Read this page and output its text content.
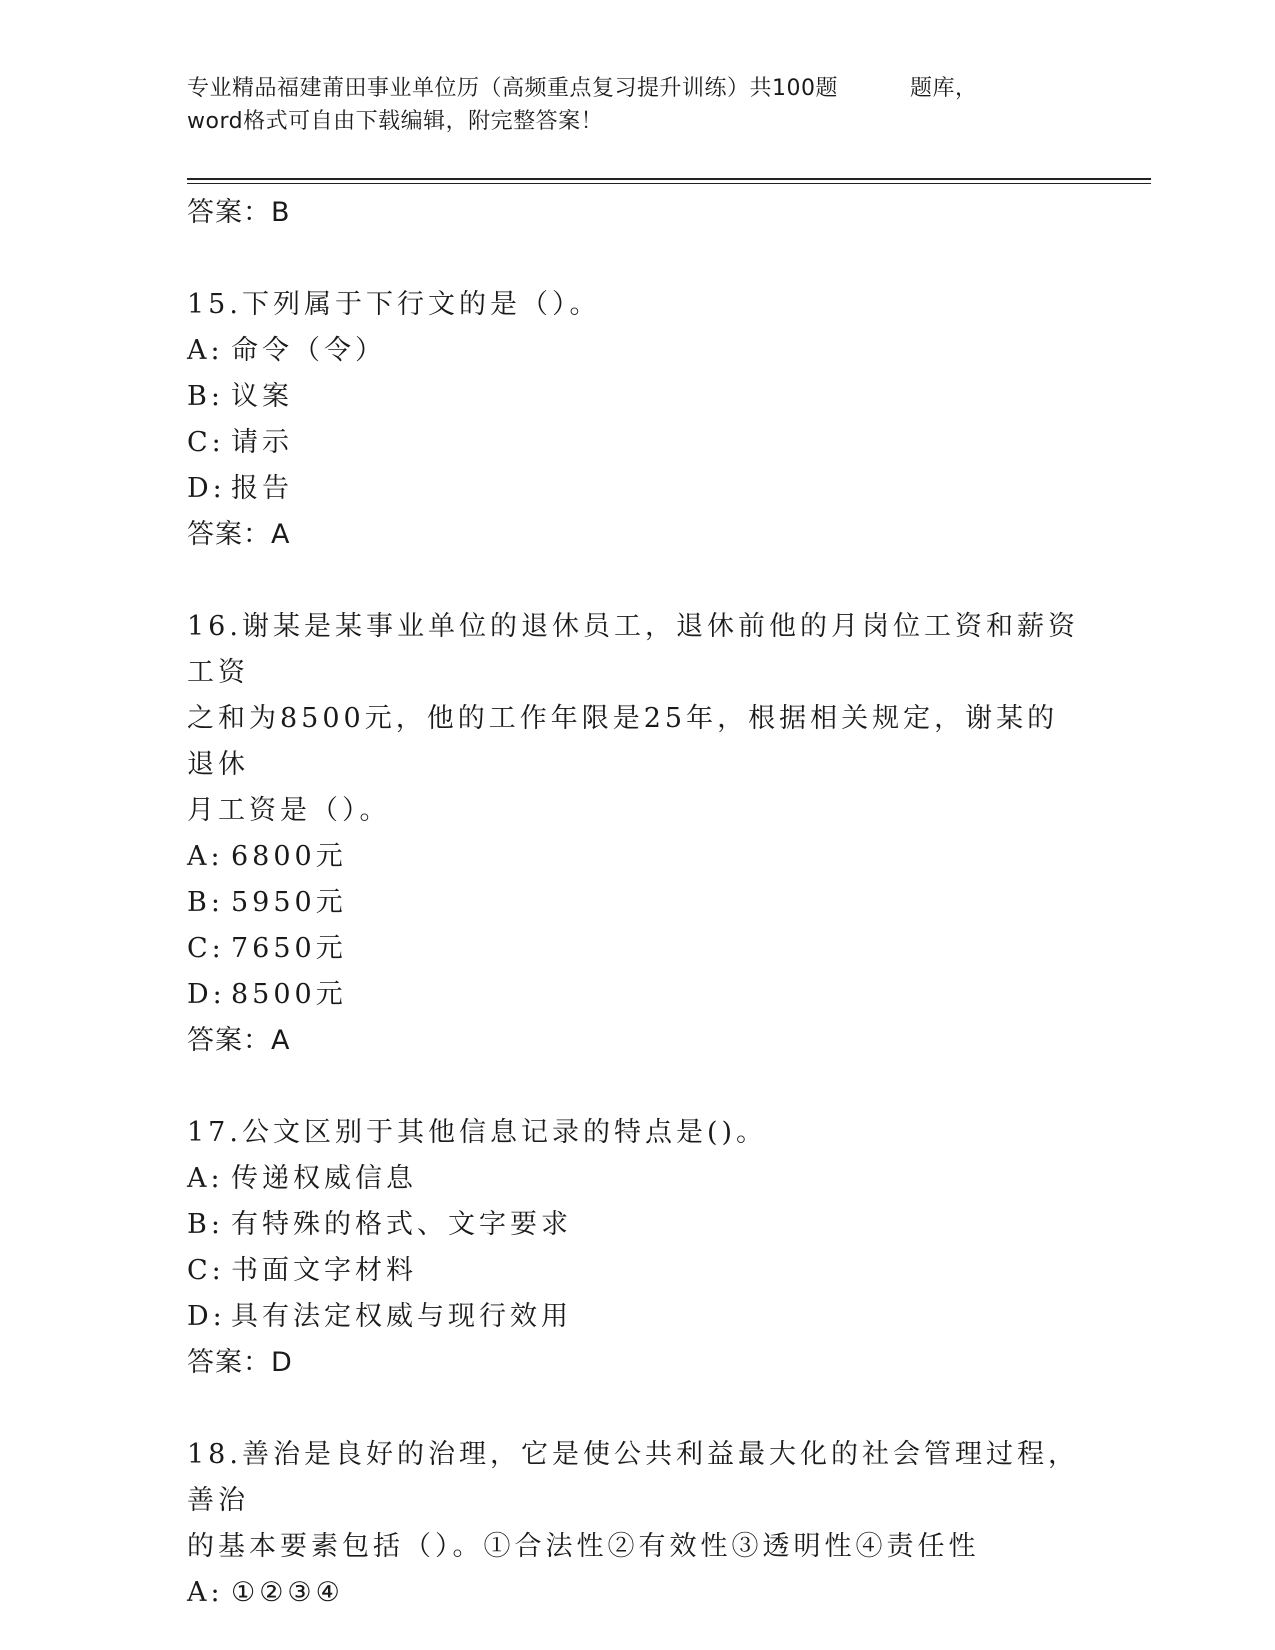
专业精品福建莆田事业单位历（高频重点复习提升训练）共100题	题库，
word格式可自由下载编辑，附完整答案！
答案：B
15.下列属于下行文的是（）。
A: 命令（令）
B: 议案
C: 请示
D: 报告
答案：A
16.谢某是某事业单位的退休员工，退休前他的月岗位工资和薪资工资
之和为8500元，他的工作年限是25年，根据相关规定，谢某的退休
月工资是（）。
A: 6800元
B: 5950元
C: 7650元
D: 8500元
答案：A
17.公文区别于其他信息记录的特点是()。
A: 传递权威信息
B: 有特殊的格式、文字要求
C: 书面文字材料
D: 具有法定权威与现行效用
答案：D
18.善治是良好的治理，它是使公共利益最大化的社会管理过程，善治
的基本要素包括（）。①合法性②有效性③透明性④责任性
A: ①②③④
